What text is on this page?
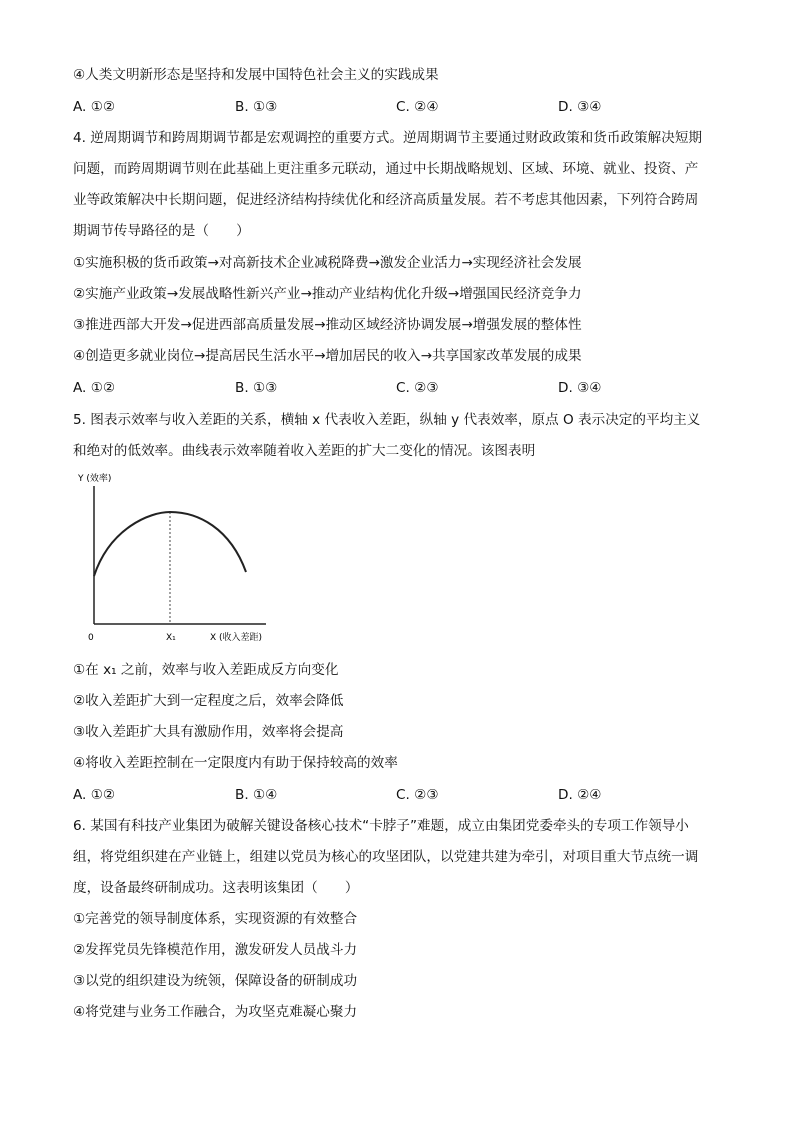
④人类文明新形态是坚持和发展中国特色社会主义的实践成果
A. ①②	B. ①③	C. ②④	D. ③④
4. 逆周期调节和跨周期调节都是宏观调控的重要方式。逆周期调节主要通过财政政策和货币政策解决短期
问题，而跨周期调节则在此基础上更注重多元联动，通过中长期战略规划、区域、环境、就业、投资、产
业等政策解决中长期问题，促进经济结构持续优化和经济高质量发展。若不考虑其他因素，下列符合跨周
期调节传导路径的是（　　）
①实施积极的货币政策→对高新技术企业减税降费→激发企业活力→实现经济社会发展
②实施产业政策→发展战略性新兴产业→推动产业结构优化升级→增强国民经济竞争力
③推进西部大开发→促进西部高质量发展→推动区域经济协调发展→增强发展的整体性
④创造更多就业岗位→提高居民生活水平→增加居民的收入→共享国家改革发展的成果
A. ①②	B. ①③	C. ②③	D. ③④
5. 图表示效率与收入差距的关系，横轴 x 代表收入差距，纵轴 y 代表效率，原点 O 表示决定的平均主义
和绝对的低效率。曲线表示效率随着收入差距的扩大二变化的情况。该图表明
Y (效率)
0	X₁	X (收入差距)
①在 x₁ 之前，效率与收入差距成反方向变化
②收入差距扩大到一定程度之后，效率会降低
③收入差距扩大具有激励作用，效率将会提高
④将收入差距控制在一定限度内有助于保持较高的效率
A. ①②	B. ①④	C. ②③	D. ②④
6. 某国有科技产业集团为破解关键设备核心技术“卡脖子”难题，成立由集团党委牵头的专项工作领导小
组，将党组织建在产业链上，组建以党员为核心的攻坚团队，以党建共建为牵引，对项目重大节点统一调
度，设备最终研制成功。这表明该集团（　　）
①完善党的领导制度体系，实现资源的有效整合
②发挥党员先锋模范作用，激发研发人员战斗力
③以党的组织建设为统领，保障设备的研制成功
④将党建与业务工作融合，为攻坚克难凝心聚力
